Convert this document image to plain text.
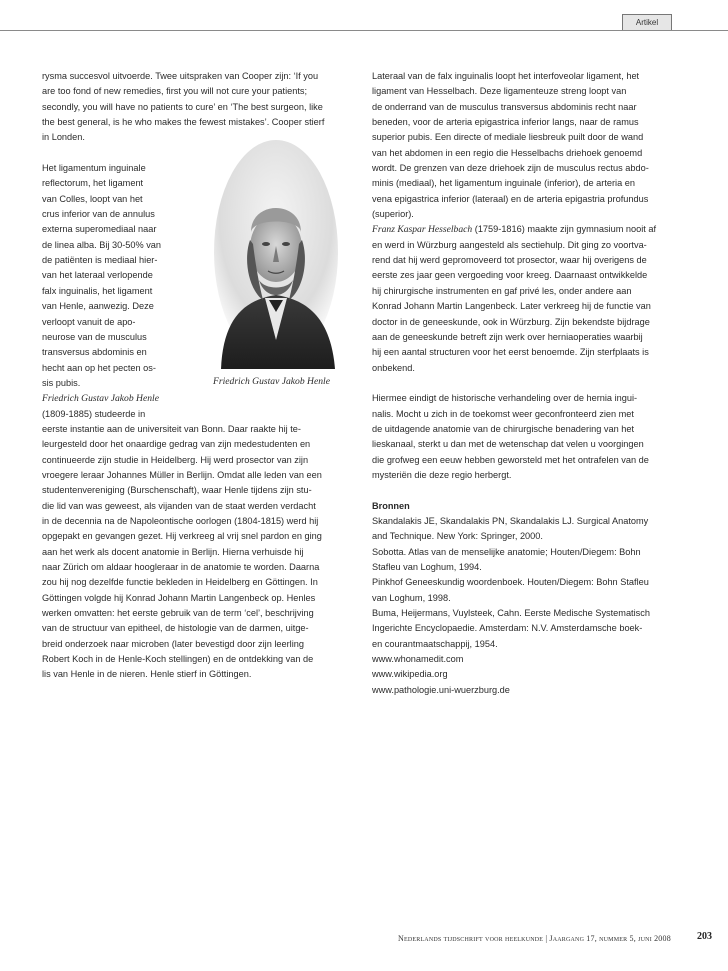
Artikel

rysma succesvol uitvoerde. Twee uitspraken van Cooper zijn: ‘If you

are too fond of new remedies, first you will not cure your patients;

secondly, you will have no patients to cure’ en ‘The best surgeon, like

the best general, is he who makes the fewest mistakes’. Cooper stierf

in Londen.

Het ligamentum inguinale

reflectorum, het ligament

van Colles, loopt van het

crus inferior van de annulus

externa superomediaal naar

de linea alba. Bij 30-50% van

de patiënten is mediaal hier-

van het lateraal verlopende

falx inguinalis, het ligament

van Henle, aanwezig. Deze

verloopt vanuit de apo-

neurose van de musculus

transversus abdominis en

hecht aan op het pecten os-

sis pubis.

Friedrich Gustav Jakob Henle

(1809-1885) studeerde in

eerste instantie aan de universiteit van Bonn. Daar raakte hij te-

leurgesteld door het onaardige gedrag van zijn medestudenten en

continueerde zijn studie in Heidelberg. Hij werd prosector van zijn

vroegere leraar Johannes Müller in Berlijn. Omdat alle leden van een

studentenvereniging (Burschenschaft), waar Henle tijdens zijn stu-

die lid van was geweest, als vijanden van de staat werden verdacht

in de decennia na de Napoleontische oorlogen (1804-1815) werd hij

opgepakt en gevangen gezet. Hij verkreeg al vrij snel pardon en ging

aan het werk als docent anatomie in Berlijn. Hierna verhuisde hij

naar Zürich om aldaar hoogleraar in de anatomie te worden. Daarna

zou hij nog dezelfde functie bekleden in Heidelberg en Göttingen. In

Göttingen volgde hij Konrad Johann Martin Langenbeck op. Henles

werken omvatten: het eerste gebruik van de term ‘cel’, beschrijving

van de structuur van epitheel, de histologie van de darmen, uitge-

breid onderzoek naar microben (later bevestigd door zijn leerling

Robert Koch in de Henle-Koch stellingen) en de ontdekking van de

lis van Henle in de nieren. Henle stierf in Göttingen.

Friedrich Gustav Jakob Henle

Lateraal van de falx inguinalis loopt het interfoveolar ligament, het

ligament van Hesselbach. Deze ligamenteuze streng loopt van

de onderrand van de musculus transversus abdominis recht naar

beneden, voor de arteria epigastrica inferior langs, naar de ramus

superior pubis. Een directe of mediale liesbreuk puilt door de wand

van het abdomen in een regio die Hesselbachs driehoek genoemd

wordt. De grenzen van deze driehoek zijn de musculus rectus abdo-

minis (mediaal), het ligamentum inguinale (inferior), de arteria en

vena epigastrica inferior (lateraal) en de arteria epigastria profundus

(superior).

Franz Kaspar Hesselbach (1759-1816) maakte zijn gymnasium nooit af

en werd in Würzburg aangesteld als sectiehulp. Dit ging zo voortva-

rend dat hij werd gepromoveerd tot prosector, waar hij overigens de

eerste zes jaar geen vergoeding voor kreeg. Daarnaast ontwikkelde

hij chirurgische instrumenten en gaf privé les, onder andere aan

Konrad Johann Martin Langenbeck. Later verkreeg hij de functie van

doctor in de geneeskunde, ook in Würzburg. Zijn bekendste bijdrage

aan de geneeskunde betreft zijn werk over herniaoperaties waarbij

hij een aantal structuren voor het eerst benoemde. Zijn sterfplaats is

onbekend.

Hiermee eindigt de historische verhandeling over de hernia ingui-

nalis. Mocht u zich in de toekomst weer geconfronteerd zien met

de uitdagende anatomie van de chirurgische benadering van het

lieskanaal, sterkt u dan met de wetenschap dat velen u voorgingen

die grofweg een eeuw hebben geworsteld met het ontrafelen van de

mysteriën die deze regio herbergt.

Bronnen

Skandalakis JE, Skandalakis PN, Skandalakis LJ. Surgical Anatomy

and Technique. New York: Springer, 2000.

Sobotta. Atlas van de menselijke anatomie; Houten/Diegem: Bohn

Stafleu van Loghum, 1994.

Pinkhof Geneeskundig woordenboek. Houten/Diegem: Bohn Stafleu

van Loghum, 1998.

Buma, Heijermans, Vuylsteek, Cahn. Eerste Medische Systematisch

Ingerichte Encyclopaedie. Amsterdam: N.V. Amsterdamsche boek-

en courantmaatschappij, 1954.

www.whonamedit.com

www.wikipedia.org

www.pathologie.uni-wuerzburg.de

Nederlands tijdschrift voor heelkunde | Jaargang 17, nummer 5, juni 2008	203
